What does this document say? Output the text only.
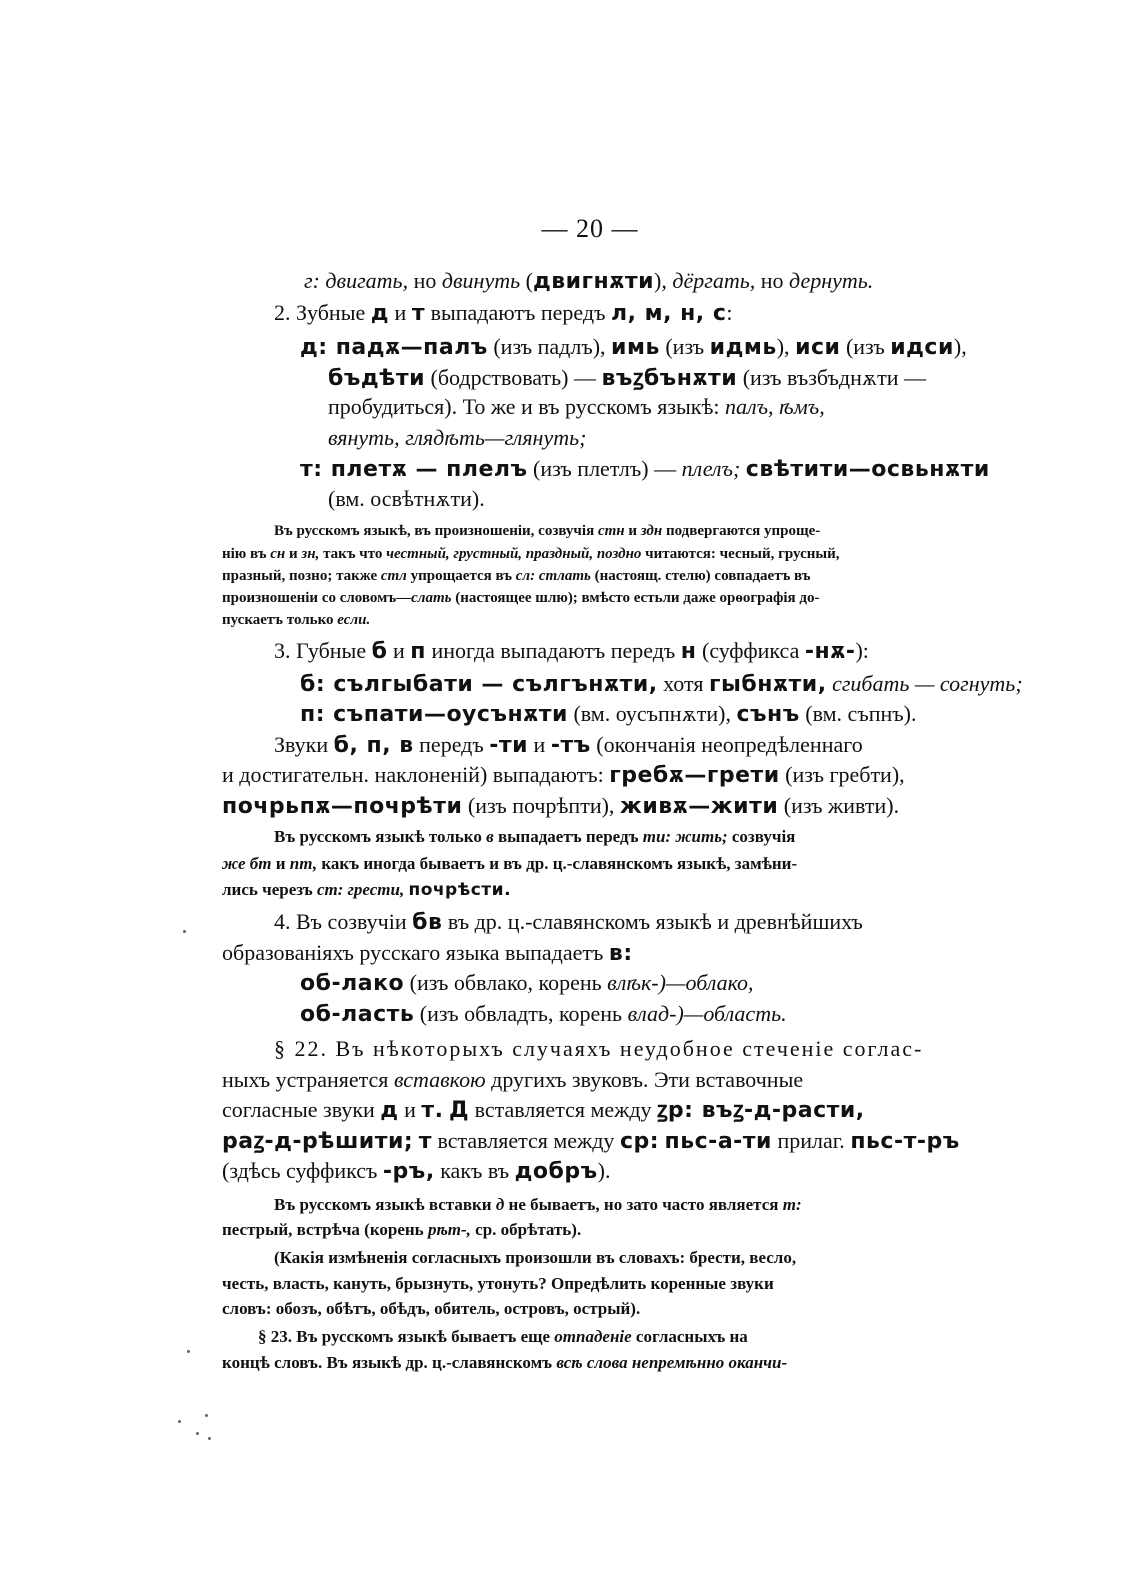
— 20 —
г: двигать, но двинуть (двигнѫти), дёргать, но дернуть.
2. Зубные д и т выпадаютъ передъ л, м, н, с:
д: падѫ—палъ (изъ падлъ), имь (изъ идмь), иси (изъ идси),
бъдѣти (бодрствовать) — въꙁбънѫти (изъ възбъднѫти —
пробудиться). То же и въ русскомъ языкѣ: палъ, ѣмъ,
вянуть, глядѣть—глянуть;
т: плетѫ — плелъ (изъ плетлъ) — плелъ; свѣтити—освьнѫти
(вм. освѣтнѫти).
Въ русскомъ языкѣ, въ произношеніи, созвучія стн и здн подвергаются упроще-
нію въ сн и зн, такъ что честный, грустный, праздный, поздно читаются: чесный, грусный,
празный, позно; также стл упрощается въ сл: стлать (настоящ. стелю) совпадаетъ въ
произношеніи со словомъ—слать (настоящее шлю); вмѣсто естьли даже орѳографія до-
пускаетъ только если.
3. Губные б и п иногда выпадаютъ передъ н (суффикса -нѫ-):
б: сългыбати — сългънѫти, хотя гыбнѫти, сгибать — согнуть;
п: съпати—оусънѫти (вм. оусъпнѫти), сънъ (вм. съпнъ).
Звуки б, п, в передъ -ти и -тъ (окончанія неопредѣленнаго
и достигательн. наклоненій) выпадаютъ: гребѫ—грети (изъ гребти),
почрьпѫ—почрѣти (изъ почрѣпти), живѫ—жити (изъ живти).
Въ русскомъ языкѣ только в выпадаетъ передъ ти: жить; созвучія
же бт и пт, какъ иногда бываетъ и въ др. ц.-славянскомъ языкѣ, замѣни-
лись черезъ ст: грести, почрѣсти.
4. Въ созвучіи бв въ др. ц.-славянскомъ языкѣ и древнѣйшихъ
образованіяхъ русскаго языка выпадаетъ в:
об-лако (изъ обвлако, корень влѣк-)—облако,
об-ласть (изъ обвладть, корень влад-)—область.
§ 22. Въ нѣкоторыхъ случаяхъ неудобное стеченіе соглас-
ныхъ устраняется вставкою другихъ звуковъ. Эти вставочные
согласные звуки д и т. Д вставляется между ꙁр: въꙁ-д-расти,
раꙁ-д-рѣшити; т вставляется между ср: пьс-а-ти прилаг. пьс-т-ръ
(здѣсь суффиксъ -ръ, какъ въ добръ).
Въ русскомъ языкѣ вставки д не бываетъ, но зато часто является т:
пестрый, встрѣча (корень рѣт-, ср. обрѣтать).
(Какія измѣненія согласныхъ произошли въ словахъ: брести, весло,
честь, власть, кануть, брызнуть, утонуть? Опредѣлить коренные звуки
словъ: обозъ, обѣтъ, обѣдъ, обитель, островъ, острый).
§ 23. Въ русскомъ языкѣ бываетъ еще отпаденіе согласныхъ на
концѣ словъ. Въ языкѣ др. ц.-славянскомъ всѣ слова непремѣнно оканчи-
